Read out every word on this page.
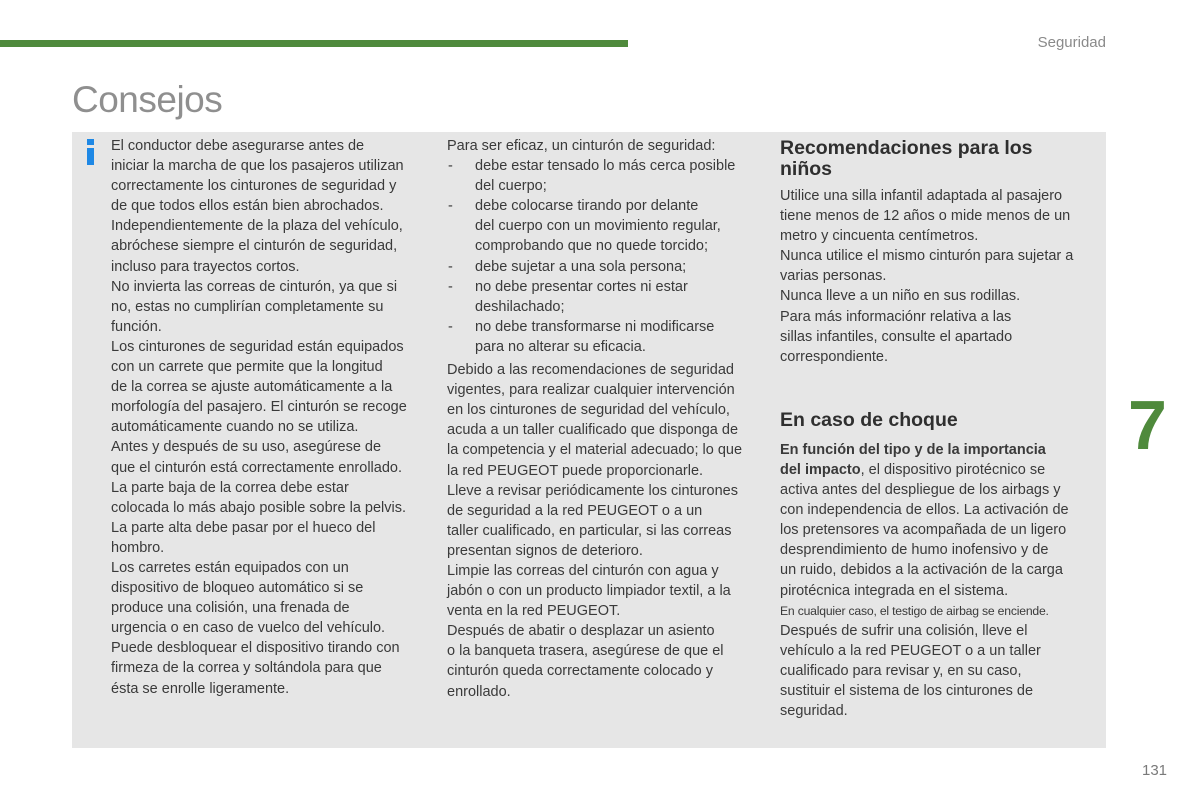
Seguridad
Consejos

El conductor debe asegurarse antes de

iniciar la marcha de que los pasajeros utilizan

correctamente los cinturones de seguridad y

de que todos ellos están bien abrochados.

Independientemente de la plaza del vehículo,

abróchese siempre el cinturón de seguridad,

incluso para trayectos cortos.

No invierta las correas de cinturón, ya que si

no, estas no cumplirían completamente su

función.

Los cinturones de seguridad están equipados

con un carrete que permite que la longitud

de la correa se ajuste automáticamente a la

morfología del pasajero. El cinturón se recoge

automáticamente cuando no se utiliza.

Antes y después de su uso, asegúrese de

que el cinturón está correctamente enrollado.

La parte baja de la correa debe estar

colocada lo más abajo posible sobre la pelvis.

La parte alta debe pasar por el hueco del

hombro.

Los carretes están equipados con un

dispositivo de bloqueo automático si se

produce una colisión, una frenada de

urgencia o en caso de vuelco del vehículo.

Puede desbloquear el dispositivo tirando con

firmeza de la correa y soltándola para que

ésta se enrolle ligeramente.

Para ser eficaz, un cinturón de seguridad:

- debe estar tensado lo más cerca posible
del cuerpo;
- debe colocarse tirando por delante
del cuerpo con un movimiento regular,
comprobando que no quede torcido;
- debe sujetar a una sola persona;
- no debe presentar cortes ni estar
deshilachado;
- no debe transformarse ni modificarse
para no alterar su eficacia.

Debido a las recomendaciones de seguridad

vigentes, para realizar cualquier intervención

en los cinturones de seguridad del vehículo,

acuda a un taller cualificado que disponga de

la competencia y el material adecuado; lo que

la red PEUGEOT puede proporcionarle.

Lleve a revisar periódicamente los cinturones

de seguridad a la red PEUGEOT o a un

taller cualificado, en particular, si las correas

presentan signos de deterioro.

Limpie las correas del cinturón con agua y

jabón o con un producto limpiador textil, a la

venta en la red PEUGEOT.

Después de abatir o desplazar un asiento

o la banqueta trasera, asegúrese de que el

cinturón queda correctamente colocado y

enrollado.

Recomendaciones para los
niños

Utilice una silla infantil adaptada al pasajero

tiene menos de 12 años o mide menos de un

metro y cincuenta centímetros.

Nunca utilice el mismo cinturón para sujetar a

varias personas.

Nunca lleve a un niño en sus rodillas.

Para más informaciónr relativa a las

sillas infantiles, consulte el apartado

correspondiente.

En caso de choque

En función del tipo y de la importancia

del impacto, el dispositivo pirotécnico se

activa antes del despliegue de los airbags y

con independencia de ellos. La activación de

los pretensores va acompañada de un ligero

desprendimiento de humo inofensivo y de

un ruido, debidos a la activación de la carga

pirotécnica integrada en el sistema.

En cualquier caso, el testigo de airbag se enciende.

Después de sufrir una colisión, lleve el

vehículo a la red PEUGEOT o a un taller

cualificado para revisar y, en su caso,

sustituir el sistema de los cinturones de

seguridad.

7
131
